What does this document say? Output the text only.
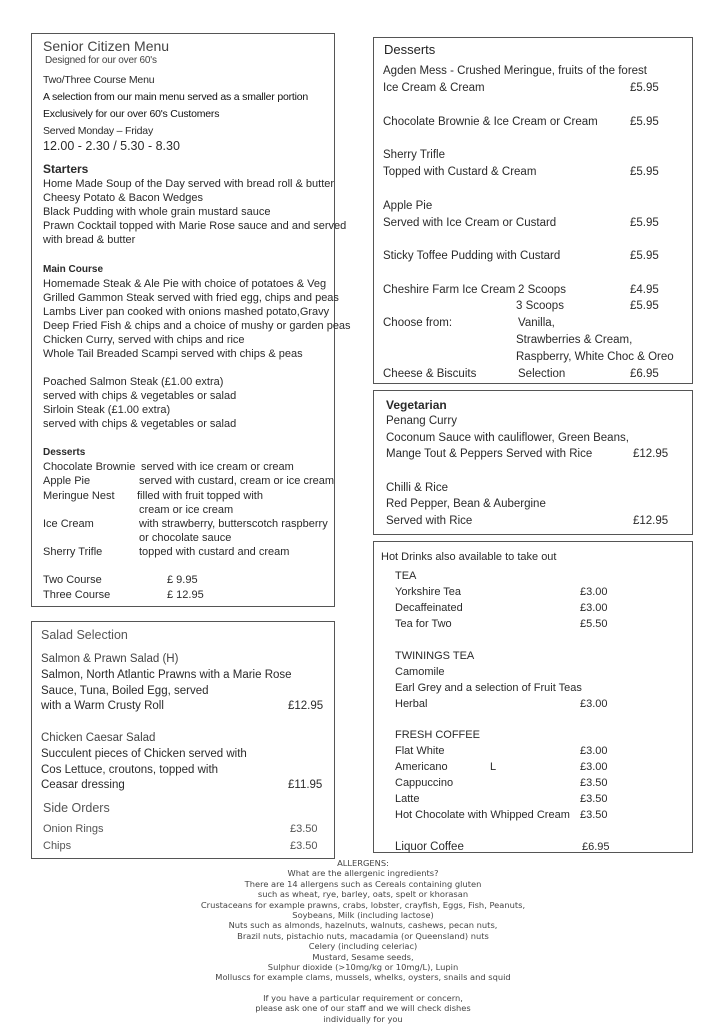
Senior Citizen Menu
Designed for our over 60's
Two/Three Course Menu
A selection from our main menu served as a smaller portion
Exclusively for our over 60's Customers
Served Monday – Friday
12.00 - 2.30 / 5.30 - 8.30
Starters
Home Made Soup of the Day served with bread roll & butter
Cheesy Potato & Bacon Wedges
Black Pudding with whole grain mustard sauce
Prawn Cocktail topped with Marie Rose sauce and and served
with bread & butter
Main Course
Homemade Steak & Ale Pie with choice of potatoes & Veg
Grilled Gammon Steak served with fried egg, chips and peas
Lambs Liver pan cooked with onions mashed potato,Gravy
Deep Fried Fish & chips and a choice of mushy or garden peas
Chicken Curry, served with chips and rice
Whole Tail Breaded Scampi served with chips & peas
Poached Salmon Steak (£1.00 extra)
served with chips & vegetables or salad
Sirloin Steak (£1.00 extra)
served with chips & vegetables or salad
Desserts
Chocolate Brownie served with ice cream or cream
Apple Pie	served with custard, cream or ice cream
Meringue Nest filled with fruit topped with
cream or ice cream
Ice Cream	with strawberry, butterscotch raspberry
or chocolate sauce
Sherry Trifle	topped with custard and cream
Two Course	£ 9.95
Three Course	£ 12.95
Salad Selection
Salmon & Prawn Salad (H)
Salmon, North Atlantic Prawns with a Marie Rose
Sauce, Tuna, Boiled Egg, served
with a Warm Crusty Roll	£12.95
Chicken Caesar Salad
Succulent pieces of Chicken served with
Cos Lettuce, croutons, topped with
Ceasar dressing	£11.95
Side Orders
Onion Rings	£3.50
Chips	£3.50
Desserts
Agden Mess - Crushed Meringue, fruits of the forest
Ice Cream & Cream	£5.95
Chocolate Brownie & Ice Cream or Cream	£5.95
Sherry Trifle
Topped with Custard & Cream	£5.95
Apple Pie
Served with Ice Cream or Custard	£5.95
Sticky Toffee Pudding with Custard	£5.95
Cheshire Farm Ice Cream 2 Scoops	£4.95
3 Scoops	£5.95
Choose from:	Vanilla,
Strawberries & Cream,
Raspberry, White Choc & Oreo
Cheese & Biscuits	Selection	£6.95
Vegetarian
Penang Curry
Coconum Sauce with cauliflower, Green Beans,
Mange Tout & Peppers Served with Rice	£12.95
Chilli & Rice
Red Pepper, Bean & Aubergine
Served with Rice	£12.95
Hot Drinks also available to take out
TEA
Yorkshire Tea	£3.00
Decaffeinated	£3.00
Tea for Two	£5.50
TWININGS TEA
Camomile
Earl Grey and a selection of Fruit Teas
Herbal	£3.00
FRESH COFFEE
Flat White	£3.00
Americano	L	£3.00
Cappuccino	£3.50
Latte	£3.50
Hot Chocolate with Whipped Cream £3.50
Liquor Coffee	£6.95
ALLERGENS:
What are the allergenic ingredients?
There are 14 allergens such as Cereals containing gluten
such as wheat, rye, barley, oats, spelt or khorasan
Crustaceans for example prawns, crabs, lobster, crayfish, Eggs, Fish, Peanuts,
Soybeans, Milk (including lactose)
Nuts such as almonds, hazelnuts, walnuts, cashews, pecan nuts,
Brazil nuts, pistachio nuts, macadamia (or Queensland) nuts
Celery (including celeriac)
Mustard, Sesame seeds,
Sulphur dioxide (>10mg/kg or 10mg/L), Lupin
Molluscs for example clams, mussels, whelks, oysters, snails and squid
If you have a particular requirement or concern,
please ask one of our staff and we will check dishes
individually for you
